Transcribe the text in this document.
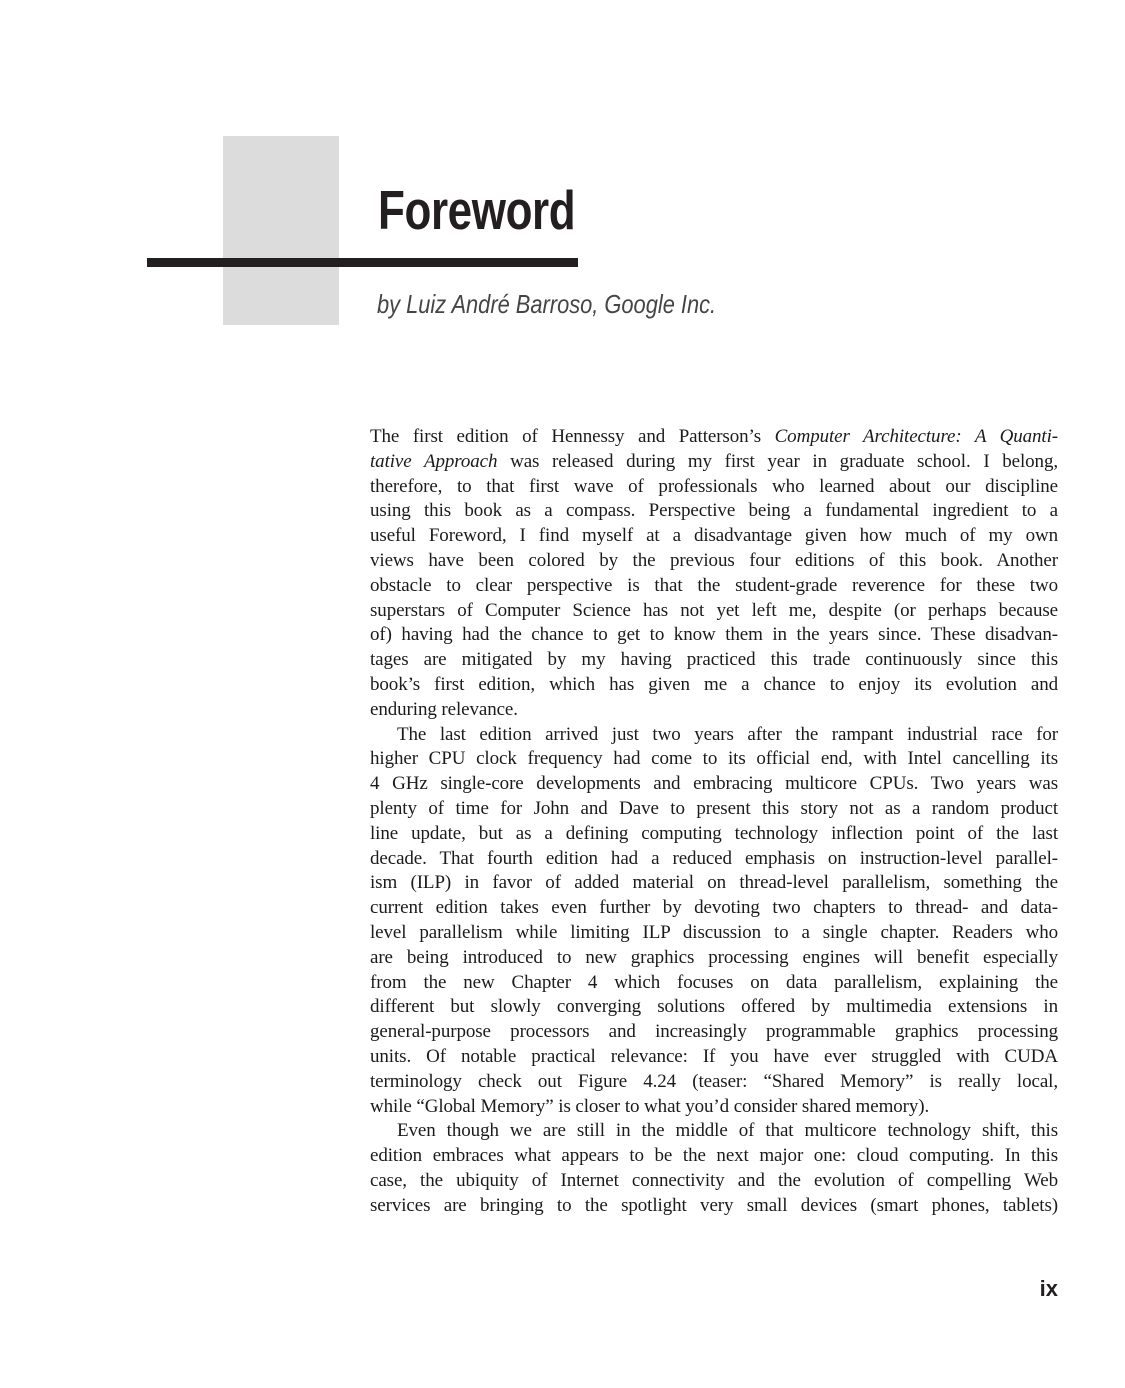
Foreword
by Luiz André Barroso, Google Inc.
The first edition of Hennessy and Patterson’s Computer Architecture: A Quanti-
tative Approach was released during my first year in graduate school. I belong,
therefore, to that first wave of professionals who learned about our discipline
using this book as a compass. Perspective being a fundamental ingredient to a
useful Foreword, I find myself at a disadvantage given how much of my own
views have been colored by the previous four editions of this book. Another
obstacle to clear perspective is that the student-grade reverence for these two
superstars of Computer Science has not yet left me, despite (or perhaps because
of) having had the chance to get to know them in the years since. These disadvan-
tages are mitigated by my having practiced this trade continuously since this
book’s first edition, which has given me a chance to enjoy its evolution and
enduring relevance.
The last edition arrived just two years after the rampant industrial race for
higher CPU clock frequency had come to its official end, with Intel cancelling its
4 GHz single-core developments and embracing multicore CPUs. Two years was
plenty of time for John and Dave to present this story not as a random product
line update, but as a defining computing technology inflection point of the last
decade. That fourth edition had a reduced emphasis on instruction-level parallel-
ism (ILP) in favor of added material on thread-level parallelism, something the
current edition takes even further by devoting two chapters to thread- and data-
level parallelism while limiting ILP discussion to a single chapter. Readers who
are being introduced to new graphics processing engines will benefit especially
from the new Chapter 4 which focuses on data parallelism, explaining the
different but slowly converging solutions offered by multimedia extensions in
general-purpose processors and increasingly programmable graphics processing
units. Of notable practical relevance: If you have ever struggled with CUDA
terminology check out Figure 4.24 (teaser: “Shared Memory” is really local,
while “Global Memory” is closer to what you’d consider shared memory).
Even though we are still in the middle of that multicore technology shift, this
edition embraces what appears to be the next major one: cloud computing. In this
case, the ubiquity of Internet connectivity and the evolution of compelling Web
services are bringing to the spotlight very small devices (smart phones, tablets)
ix
